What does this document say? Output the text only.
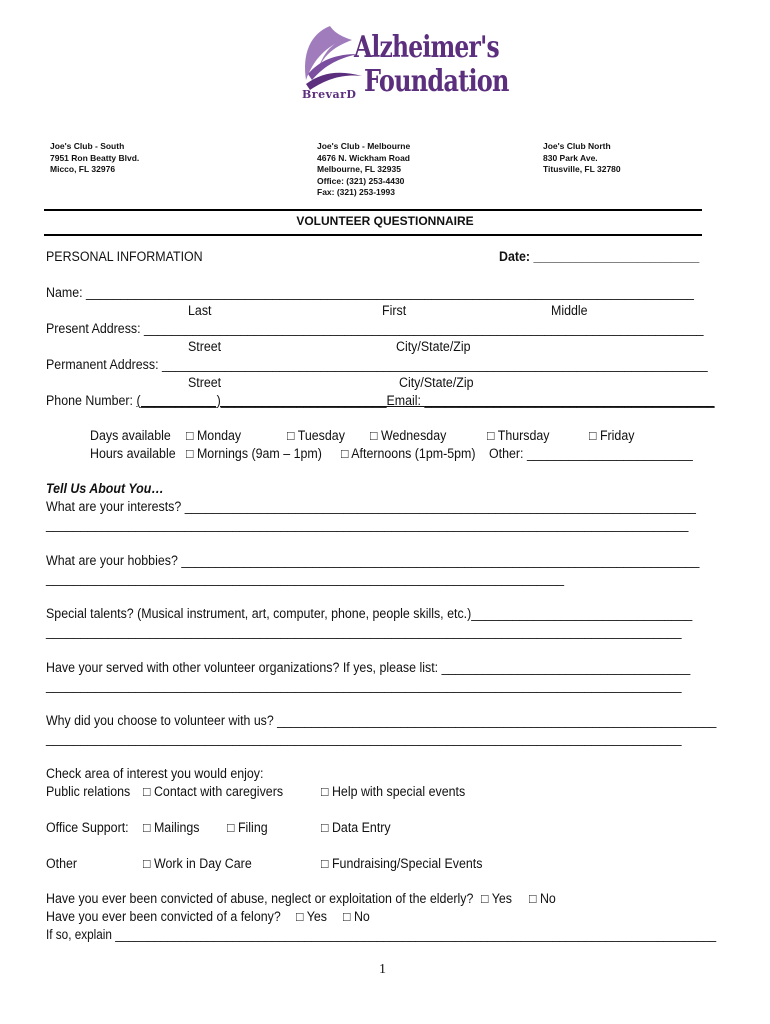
Alzheimer's
Foundation
BrevarD
Joe's Club - South
7951 Ron Beatty Blvd.
Micco, FL 32976
Joe's Club - Melbourne
4676 N. Wickham Road
Melbourne, FL 32935
Office: (321) 253-4430
Fax: (321) 253-1993
Joe's Club North
830 Park Ave.
Titusville, FL 32780
VOLUNTEER QUESTIONNAIRE
PERSONAL INFORMATION	Date: ________________________
Name: ________________________________________________________________________________________
Last	First	Middle
Present Address: _________________________________________________________________________________
Street	City/State/Zip
Permanent Address: _______________________________________________________________________________
Street	City/State/Zip
Phone Number: (___________)________________________Email: __________________________________________
Days available □ Monday	□ Tuesday □ Wednesday	□ Thursday	□ Friday
Hours available □ Mornings (9am – 1pm) □ Afternoons (1pm-5pm) Other: ________________________
Tell Us About You…
What are your interests? __________________________________________________________________________
_____________________________________________________________________________________________
What are your hobbies? ___________________________________________________________________________
___________________________________________________________________________
Special talents? (Musical instrument, art, computer, phone, people skills, etc.)________________________________
____________________________________________________________________________________________
Have your served with other volunteer organizations? If yes, please list: ____________________________________
____________________________________________________________________________________________
Why did you choose to volunteer with us? ________________________________________________________________
____________________________________________________________________________________________
Check area of interest you would enjoy:
Public relations □ Contact with caregivers	□ Help with special events
Office Support: □ Mailings □ Filing	□ Data Entry
Other	□ Work in Day Care	□ Fundraising/Special Events
Have you ever been convicted of abuse, neglect or exploitation of the elderly? □ Yes □ No
Have you ever been convicted of a felony? □ Yes □ No
If so, explain ____________________________________________________________________________________________
1
